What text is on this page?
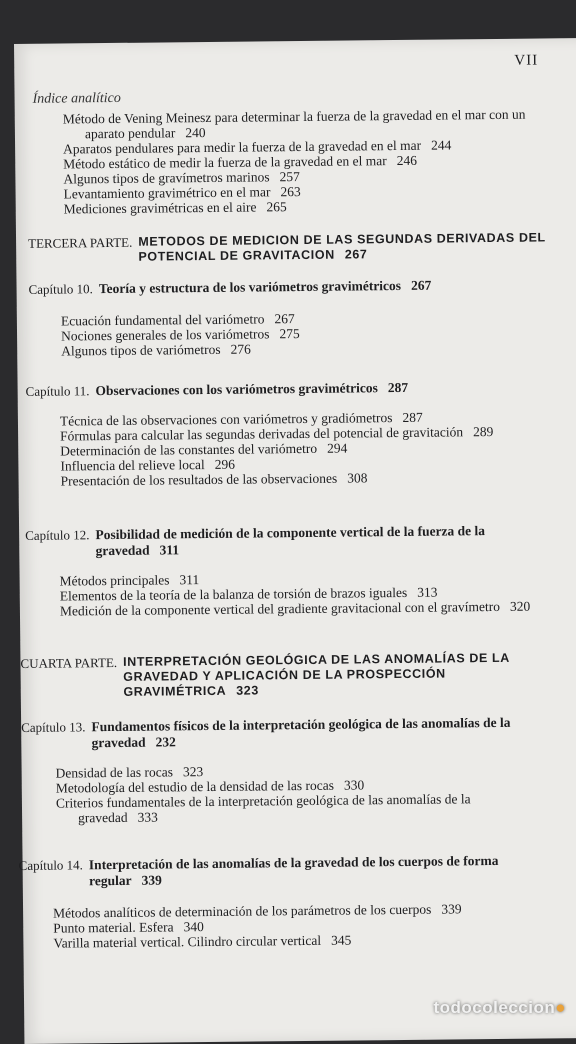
VII
Índice analítico

Método de Vening Meinesz para determinar la fuerza de la gravedad en el mar con un aparato pendular 240

Aparatos pendulares para medir la fuerza de la gravedad en el mar 244

Método estático de medir la fuerza de la gravedad en el mar 246

Algunos tipos de gravímetros marinos 257

Levantamiento gravimétrico en el mar 263

Mediciones gravimétricas en el aire 265

TERCERA PARTE. METODOS DE MEDICION DE LAS SEGUNDAS DERIVADAS DEL POTENCIAL DE GRAVITACION 267
Capítulo 10. Teoría y estructura de los variómetros gravimétricos 267

Ecuación fundamental del variómetro 267

Nociones generales de los variómetros 275

Algunos tipos de variómetros 276

Capítulo 11. Observaciones con los variómetros gravimétricos 287

Técnica de las observaciones con variómetros y gradiómetros 287

Fórmulas para calcular las segundas derivadas del potencial de gravitación 289

Determinación de las constantes del variómetro 294

Influencia del relieve local 296

Presentación de los resultados de las observaciones 308

Capítulo 12. Posibilidad de medición de la componente vertical de la fuerza de la gravedad 311

Métodos principales 311

Elementos de la teoría de la balanza de torsión de brazos iguales 313

Medición de la componente vertical del gradiente gravitacional con el gravímetro 320

CUARTA PARTE. INTERPRETACIÓN GEOLÓGICA DE LAS ANOMALÍAS DE LA GRAVEDAD Y APLICACIÓN DE LA PROSPECCIÓN GRAVIMÉTRICA 323
Capítulo 13. Fundamentos físicos de la interpretación geológica de las anomalías de la gravedad 232

Densidad de las rocas 323

Metodología del estudio de la densidad de las rocas 330

Criterios fundamentales de la interpretación geológica de las anomalías de la gravedad 333

Capítulo 14. Interpretación de las anomalías de la gravedad de los cuerpos de forma regular 339

Métodos analíticos de determinación de los parámetros de los cuerpos 339

Punto material. Esfera 340

Varilla material vertical. Cilindro circular vertical 345

todocoleccion●
